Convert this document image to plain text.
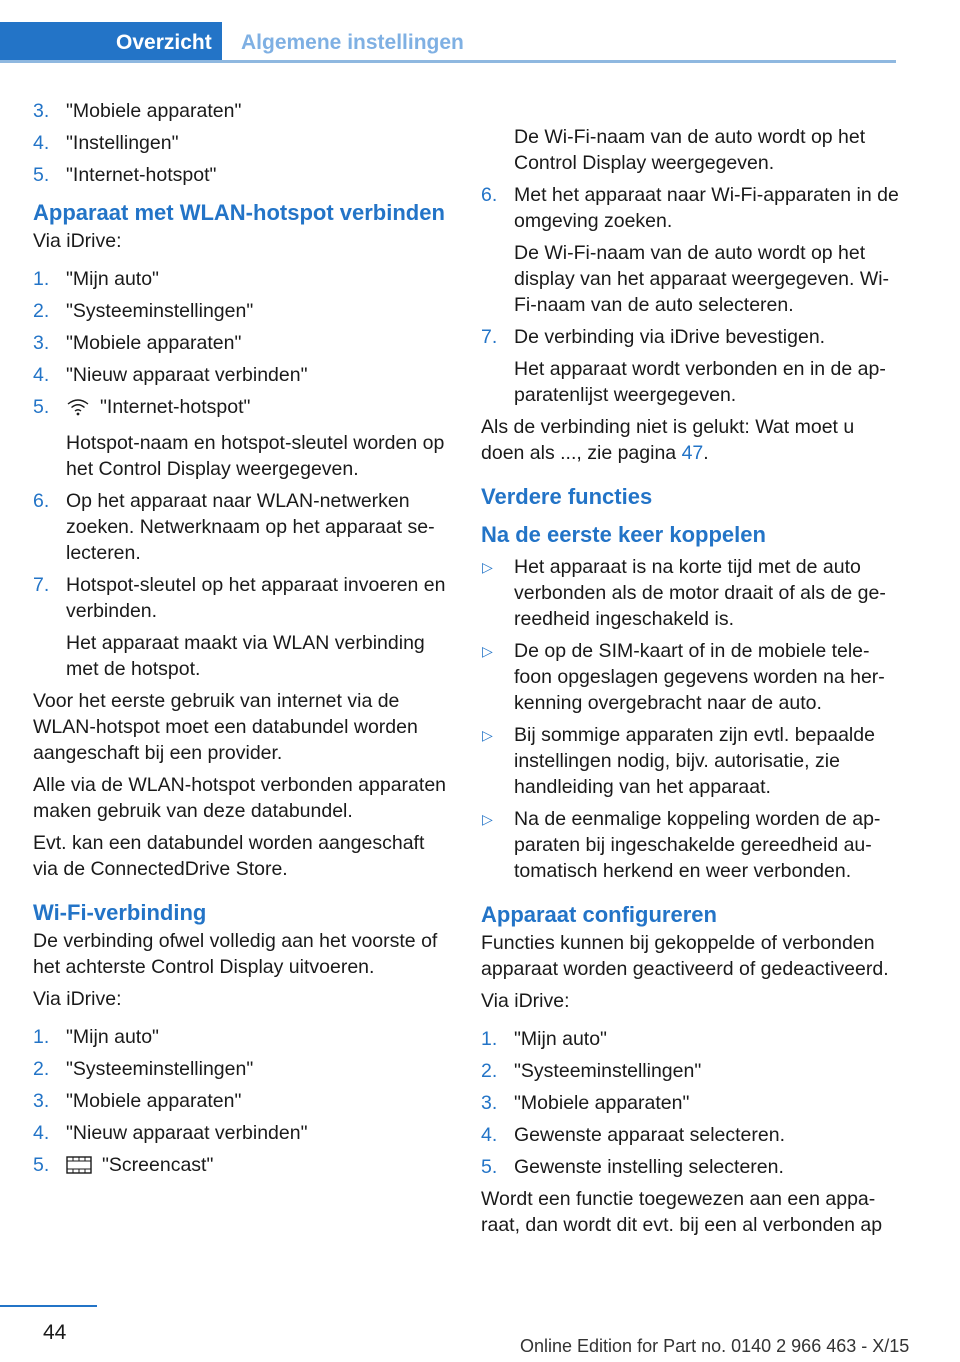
Overzicht	Algemene instellingen
3. "Mobiele apparaten"

4. "Instellingen"

5. "Internet-hotspot"

Apparaat met WLAN-hotspot verbinden

Via iDrive:

1. "Mijn auto"

2. "Systeeminstellingen"

3. "Mobiele apparaten"

4. "Nieuw apparaat verbinden"

5.	"Internet-hotspot"

Hotspot-naam en hotspot-sleutel worden op het Control Display weergegeven.

6. Op het apparaat naar WLAN-netwerken zoeken. Netwerknaam op het apparaat selecteren.

7. Hotspot-sleutel op het apparaat invoeren en verbinden.

Het apparaat maakt via WLAN verbinding met de hotspot.

Voor het eerste gebruik van internet via de WLAN-hotspot moet een databundel worden aangeschaft bij een provider.

Alle via de WLAN-hotspot verbonden apparaten maken gebruik van deze databundel.

Evt. kan een databundel worden aangeschaft via de ConnectedDrive Store.

Wi-Fi-verbinding

De verbinding ofwel volledig aan het voorste of het achterste Control Display uitvoeren.

Via iDrive:

1. "Mijn auto"

2. "Systeeminstellingen"

3. "Mobiele apparaten"

4. "Nieuw apparaat verbinden"

5.	"Screencast"

De Wi-Fi-naam van de auto wordt op het Control Display weergegeven.

6. Met het apparaat naar Wi-Fi-apparaten in de omgeving zoeken.

De Wi-Fi-naam van de auto wordt op het display van het apparaat weergegeven. Wi-Fi-naam van de auto selecteren.

7. De verbinding via iDrive bevestigen.

Het apparaat wordt verbonden en in de apparatenlijst weergegeven.

Als de verbinding niet is gelukt: Wat moet u doen als ..., zie pagina 47.

Verdere functies
Na de eerste keer koppelen
▷ Het apparaat is na korte tijd met de auto verbonden als de motor draait of als de gereedheid ingeschakeld is.

▷ De op de SIM-kaart of in de mobiele telefoon opgeslagen gegevens worden na herkenning overgebracht naar de auto.

▷ Bij sommige apparaten zijn evtl. bepaalde instellingen nodig, bijv. autorisatie, zie handleiding van het apparaat.

▷ Na de eenmalige koppeling worden de apparaten bij ingeschakelde gereedheid automatisch herkend en weer verbonden.

Apparaat configureren

Functies kunnen bij gekoppelde of verbonden apparaat worden geactiveerd of gedeactiveerd.

Via iDrive:

1. "Mijn auto"

2. "Systeeminstellingen"

3. "Mobiele apparaten"

4. Gewenste apparaat selecteren.

5. Gewenste instelling selecteren.

Wordt een functie toegewezen aan een apparaat, dan wordt dit evt. bij een al verbonden ap

44
Online Edition for Part no. 0140 2 966 463 - X/15
